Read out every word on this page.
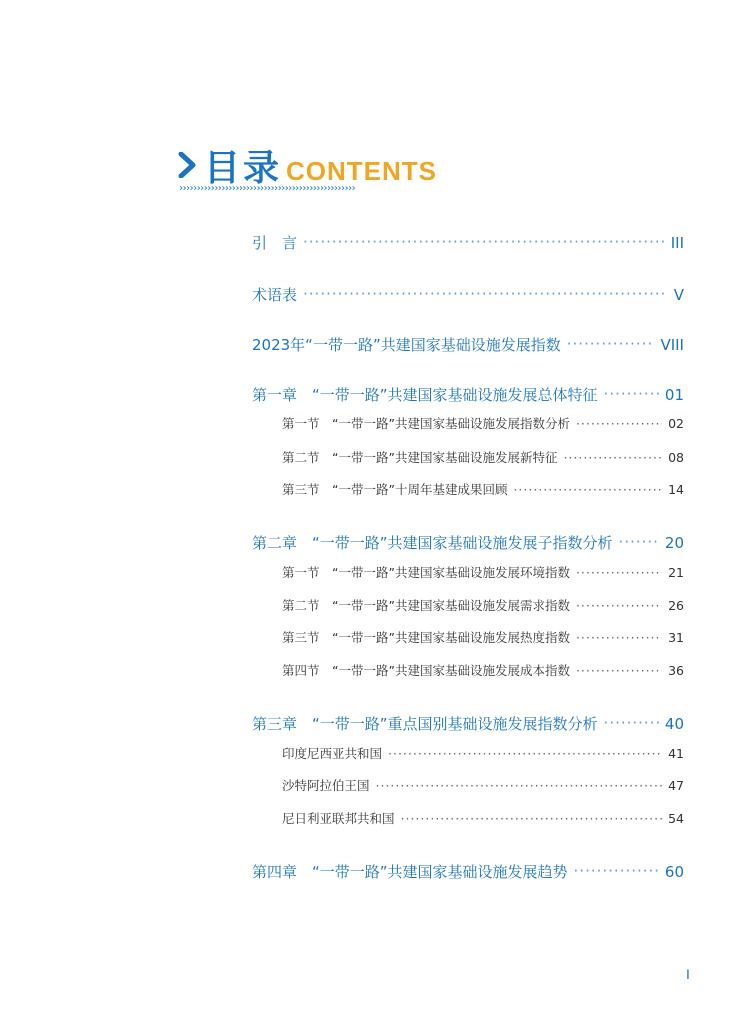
目录 CONTENTS
››››››››››››››››››››››››››››››››››››››››››››››››››
引　言 ·····	III
术语表 ·····	V
2023年“一带一路”共建国家基础设施发展指数 ·····	VIII
第一章　“一带一路”共建国家基础设施发展总体特征 ·····	01
第一节　“一带一路”共建国家基础设施发展指数分析 ·····	02
第二节　“一带一路”共建国家基础设施发展新特征 ·····	08
第三节　“一带一路”十周年基建成果回顾 ·····	14
第二章　“一带一路”共建国家基础设施发展子指数分析 ·····	20
第一节　“一带一路”共建国家基础设施发展环境指数 ·····	21
第二节　“一带一路”共建国家基础设施发展需求指数 ·····	26
第三节　“一带一路”共建国家基础设施发展热度指数 ·····	31
第四节　“一带一路”共建国家基础设施发展成本指数 ·····	36
第三章　“一带一路”重点国别基础设施发展指数分析 ·····	40
印度尼西亚共和国 ·····	41
沙特阿拉伯王国 ·····	47
尼日利亚联邦共和国 ·····	54
第四章　“一带一路”共建国家基础设施发展趋势 ·····	60
I
